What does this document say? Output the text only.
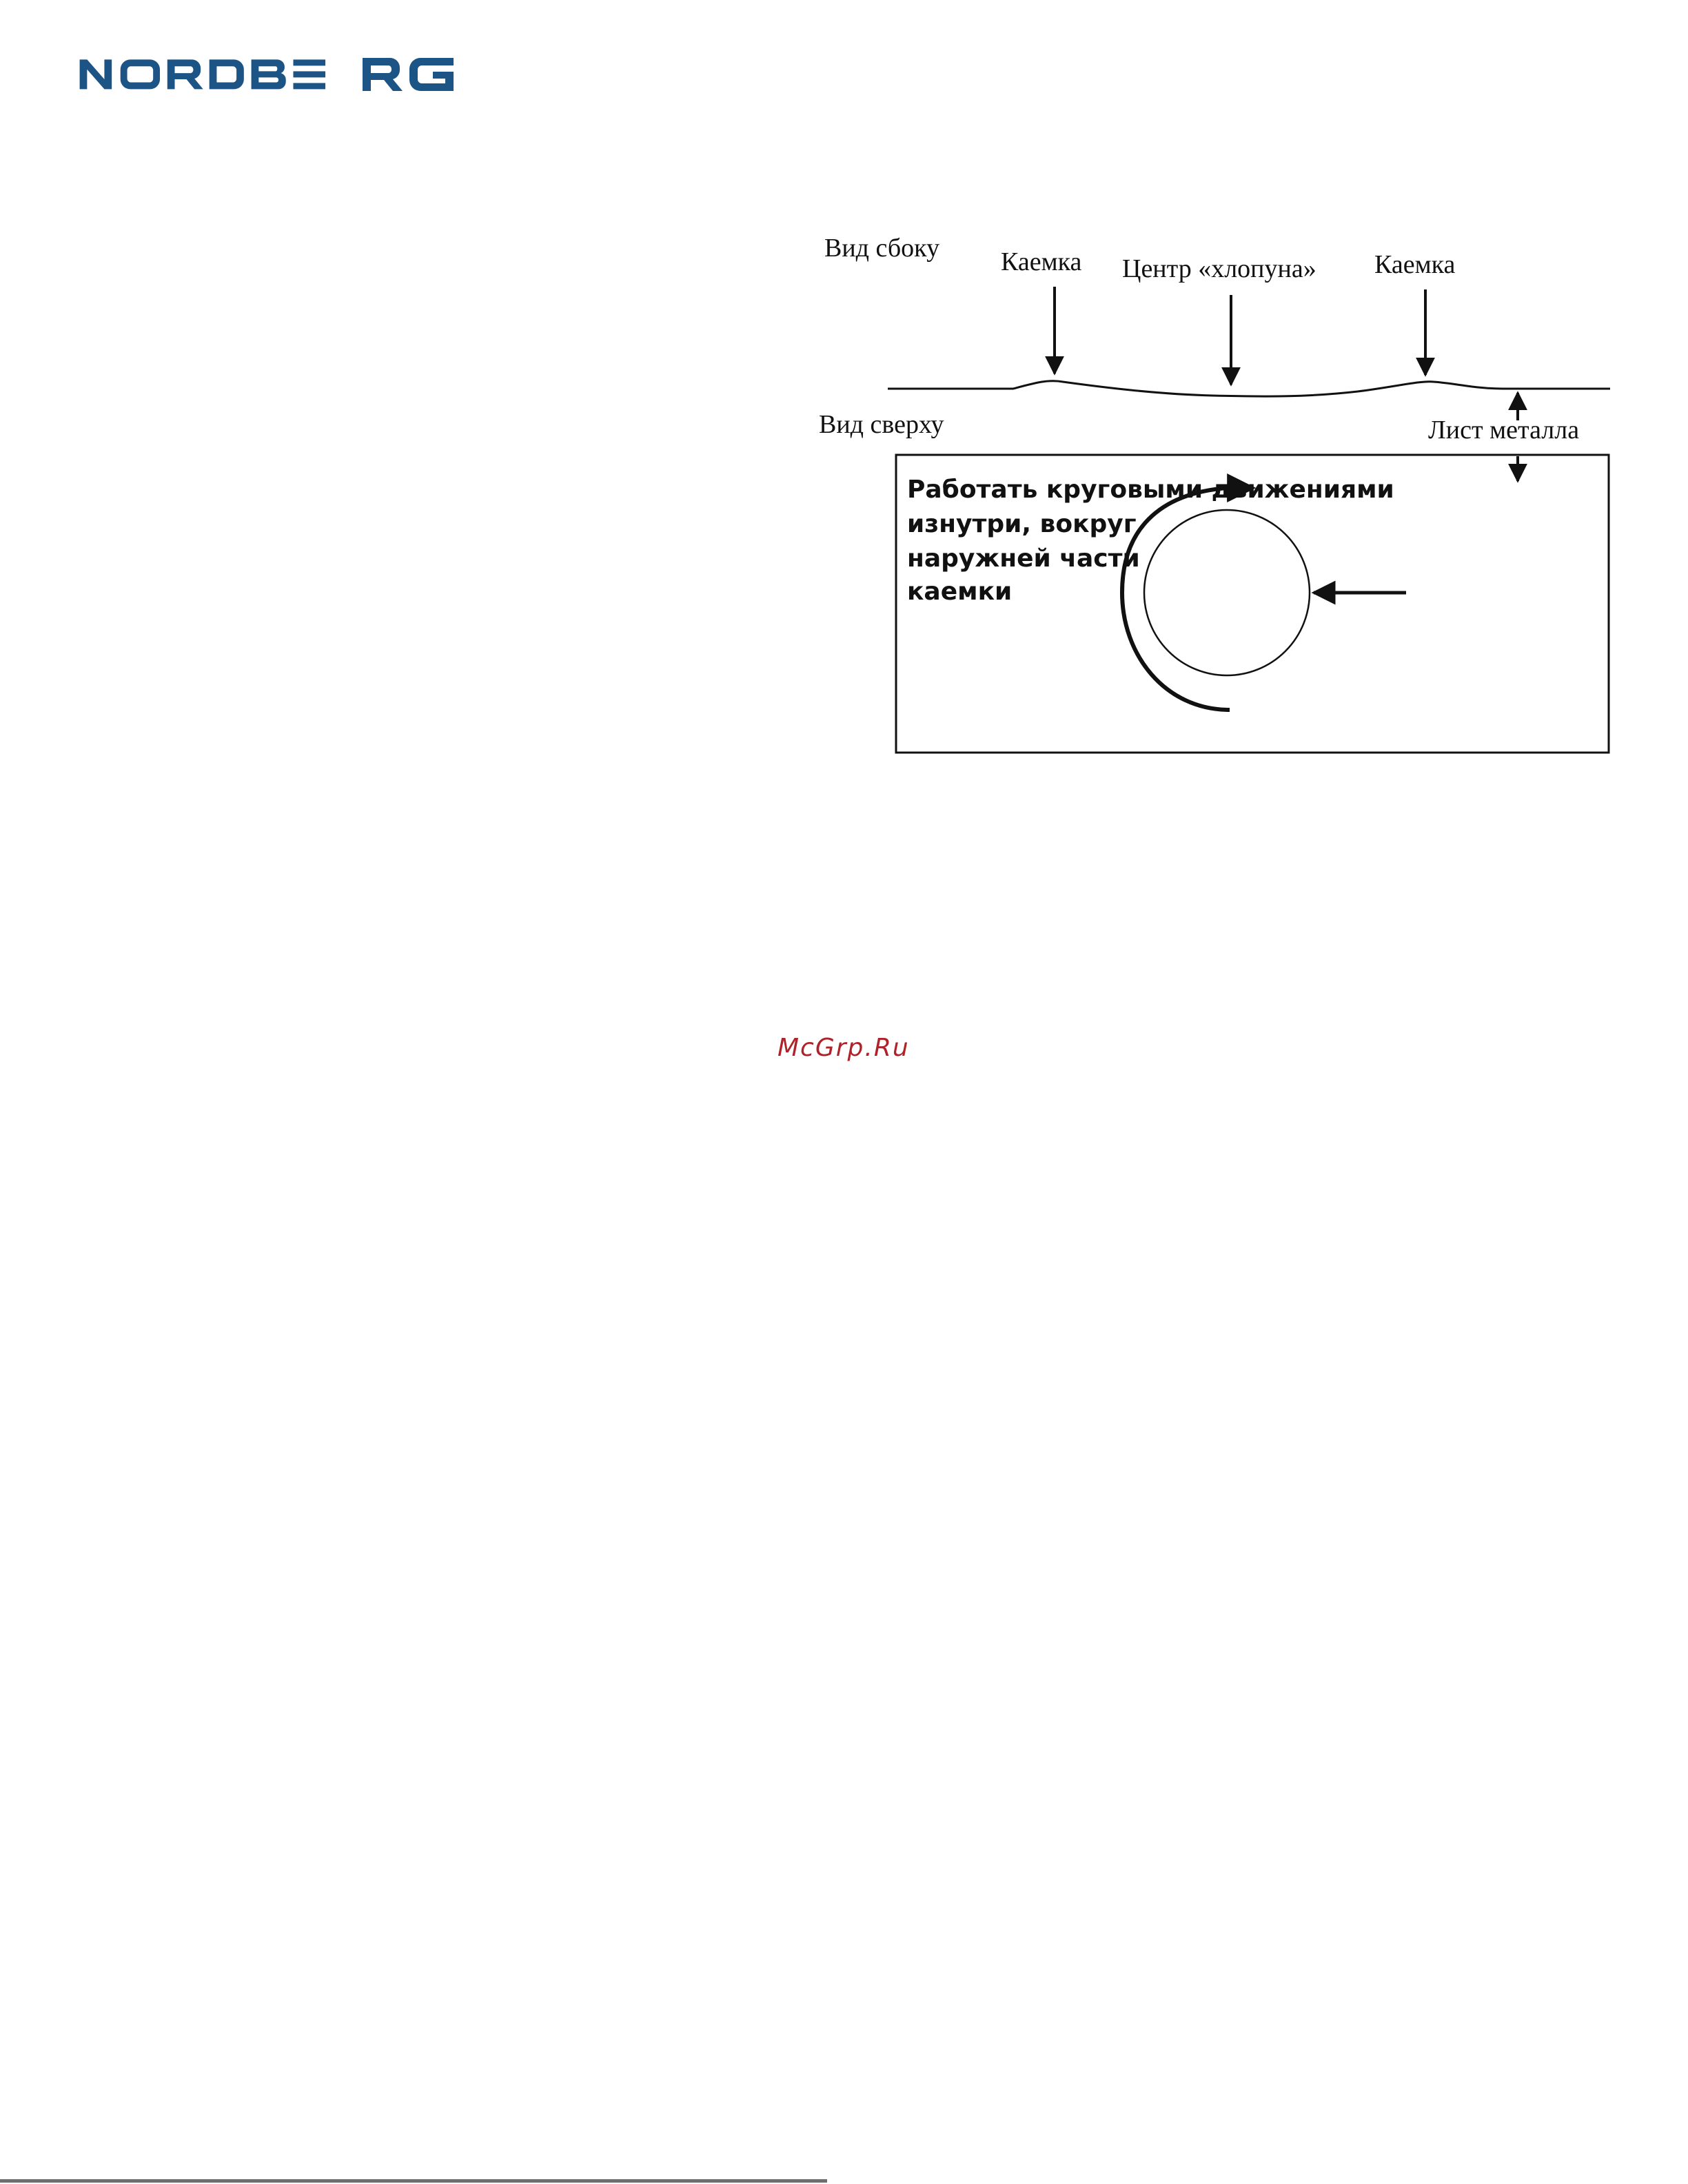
Вид сбоку Каемка Центр «хлопуна» Каемка
Вид сверху	Лист металла
Работать круговыми движениями
изнутри, вокруг
наружней части
каемки
McGrp.Ru
